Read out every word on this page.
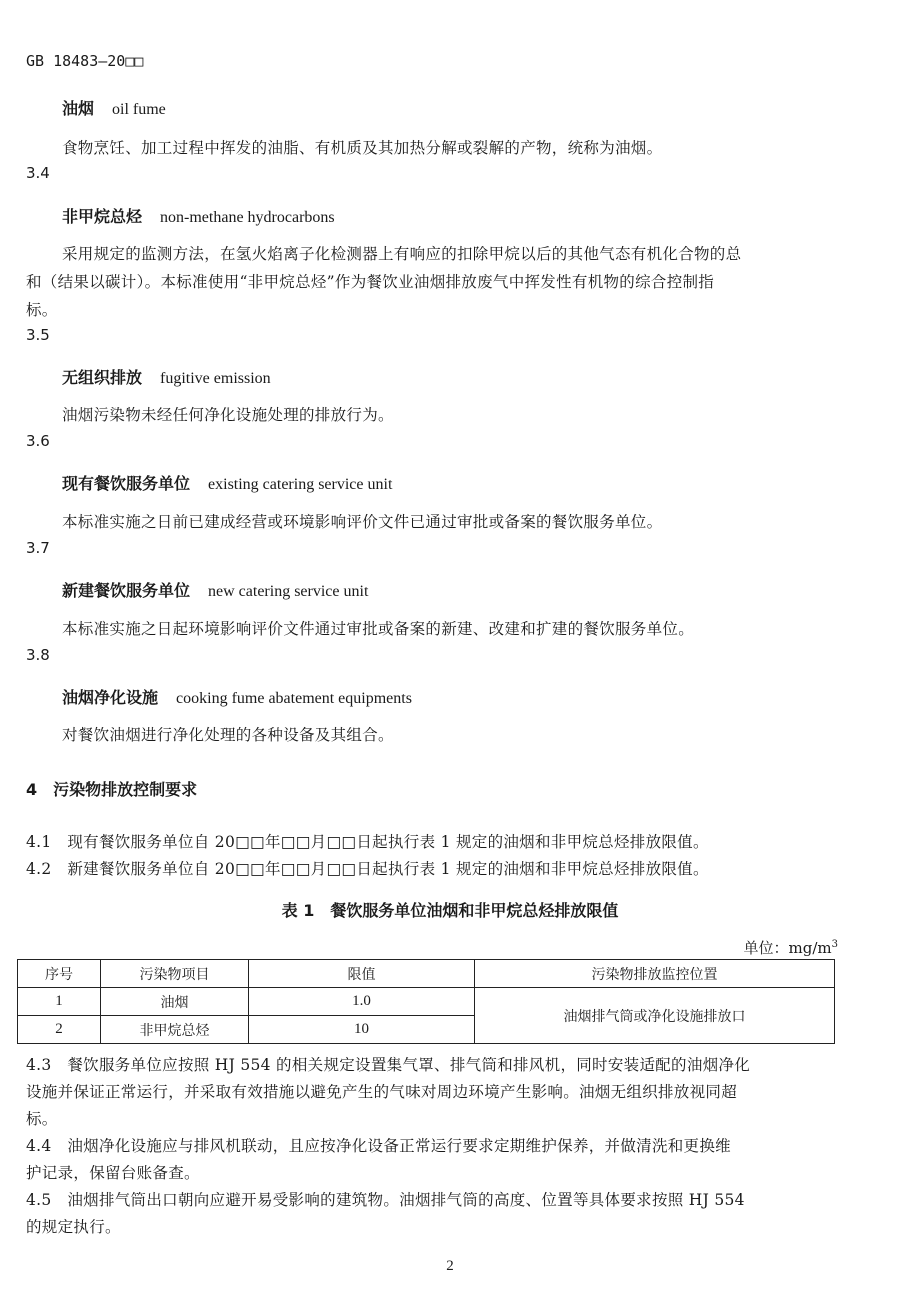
GB 18483—20□□
油烟 oil fume
食物烹饪、加工过程中挥发的油脂、有机质及其加热分解或裂解的产物，统称为油烟。
3.4
非甲烷总烃 non-methane hydrocarbons
采用规定的监测方法，在氢火焰离子化检测器上有响应的扣除甲烷以后的其他气态有机化合物的总
和（结果以碳计）。本标准使用“非甲烷总烃”作为餐饮业油烟排放废气中挥发性有机物的综合控制指
标。
3.5
无组织排放 fugitive emission
油烟污染物未经任何净化设施处理的排放行为。
3.6
现有餐饮服务单位 existing catering service unit
本标准实施之日前已建成经营或环境影响评价文件已通过审批或备案的餐饮服务单位。
3.7
新建餐饮服务单位 new catering service unit
本标准实施之日起环境影响评价文件通过审批或备案的新建、改建和扩建的餐饮服务单位。
3.8
油烟净化设施 cooking fume abatement equipments
对餐饮油烟进行净化处理的各种设备及其组合。
4 污染物排放控制要求
4.1　现有餐饮服务单位自 20□□年□□月□□日起执行表 1 规定的油烟和非甲烷总烃排放限值。
4.2　新建餐饮服务单位自 20□□年□□月□□日起执行表 1 规定的油烟和非甲烷总烃排放限值。
表 1　餐饮服务单位油烟和非甲烷总烃排放限值
单位：$mg/m^3$
序号	污染物项目	限值	污染物排放监控位置
1	油烟	1.0	油烟排气筒或净化设施排放口
2	非甲烷总烃	10	
4.3　餐饮服务单位应按照 HJ 554 的相关规定设置集气罩、排气筒和排风机，同时安装适配的油烟净化
设施并保证正常运行，并采取有效措施以避免产生的气味对周边环境产生影响。油烟无组织排放视同超
标。
4.4　油烟净化设施应与排风机联动，且应按净化设备正常运行要求定期维护保养，并做清洗和更换维
护记录，保留台账备查。
4.5　油烟排气筒出口朝向应避开易受影响的建筑物。油烟排气筒的高度、位置等具体要求按照 HJ 554
的规定执行。
2
